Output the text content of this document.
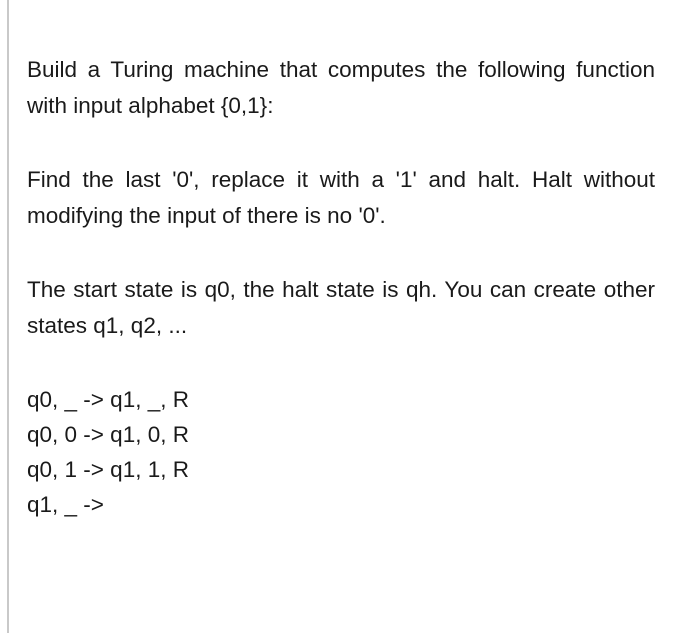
Build a Turing machine that computes the following function with input alphabet {0,1}:

Find the last '0', replace it with a '1' and halt. Halt without modifying the input of there is no '0'.

The start state is q0, the halt state is qh. You can create other states q1, q2, ...

q0, _ -> q1, _, R
q0, 0 -> q1, 0, R
q0, 1 -> q1, 1, R
q1, _ ->
